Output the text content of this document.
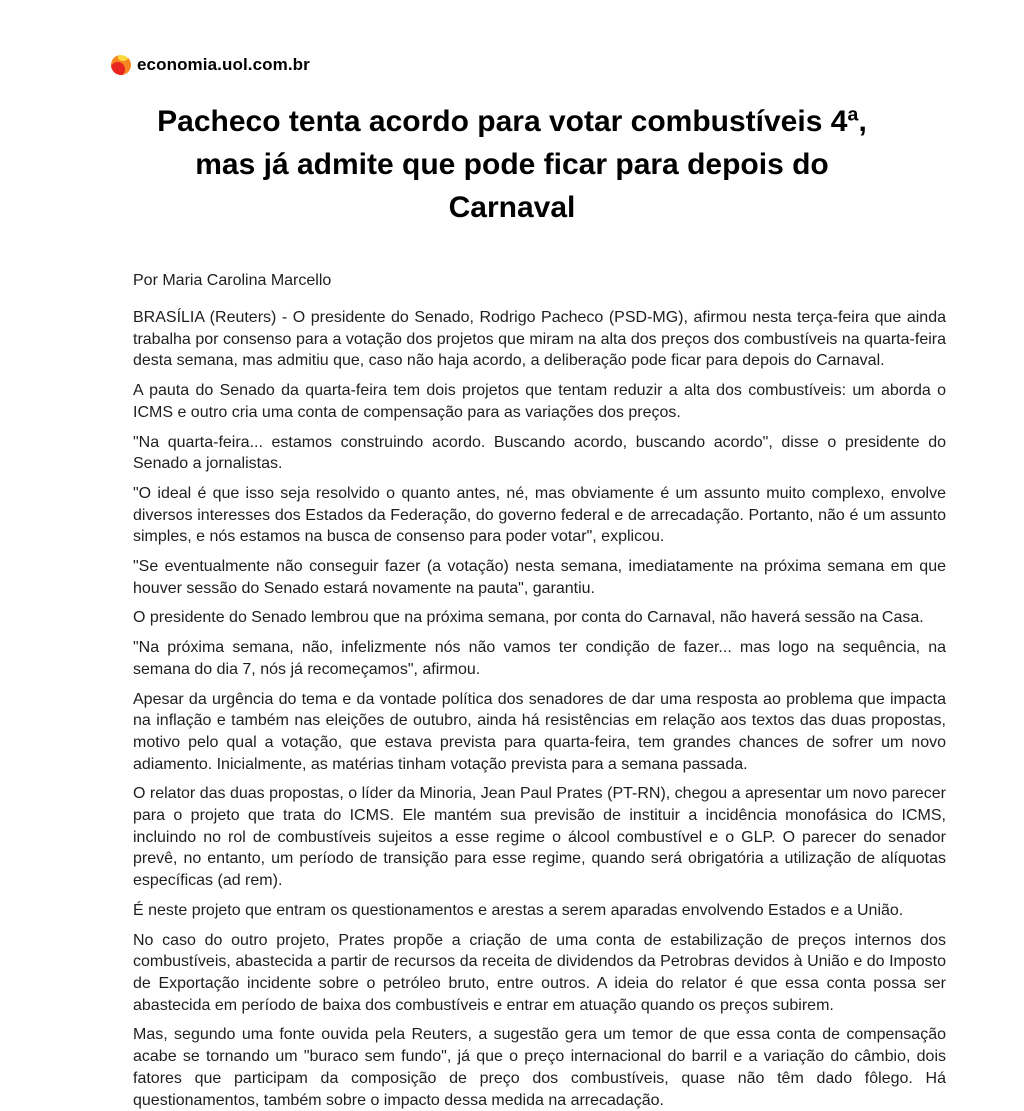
economia.uol.com.br
Pacheco tenta acordo para votar combustíveis 4ª,
mas já admite que pode ficar para depois do
Carnaval

Por Maria Carolina Marcello

BRASÍLIA (Reuters) - O presidente do Senado, Rodrigo Pacheco (PSD-MG), afirmou nesta terça-feira que ainda trabalha por consenso para a votação dos projetos que miram na alta dos preços dos combustíveis na quarta-feira desta semana, mas admitiu que, caso não haja acordo, a deliberação pode ficar para depois do Carnaval.

A pauta do Senado da quarta-feira tem dois projetos que tentam reduzir a alta dos combustíveis: um aborda o ICMS e outro cria uma conta de compensação para as variações dos preços.

"Na quarta-feira... estamos construindo acordo. Buscando acordo, buscando acordo", disse o presidente do Senado a jornalistas.

"O ideal é que isso seja resolvido o quanto antes, né, mas obviamente é um assunto muito complexo, envolve diversos interesses dos Estados da Federação, do governo federal e de arrecadação. Portanto, não é um assunto simples, e nós estamos na busca de consenso para poder votar", explicou.

"Se eventualmente não conseguir fazer (a votação) nesta semana, imediatamente na próxima semana em que houver sessão do Senado estará novamente na pauta", garantiu.

O presidente do Senado lembrou que na próxima semana, por conta do Carnaval, não haverá sessão na Casa.

"Na próxima semana, não, infelizmente nós não vamos ter condição de fazer... mas logo na sequência, na semana do dia 7, nós já recomeçamos", afirmou.

Apesar da urgência do tema e da vontade política dos senadores de dar uma resposta ao problema que impacta na inflação e também nas eleições de outubro, ainda há resistências em relação aos textos das duas propostas, motivo pelo qual a votação, que estava prevista para quarta-feira, tem grandes chances de sofrer um novo adiamento. Inicialmente, as matérias tinham votação prevista para a semana passada.

O relator das duas propostas, o líder da Minoria, Jean Paul Prates (PT-RN), chegou a apresentar um novo parecer para o projeto que trata do ICMS. Ele mantém sua previsão de instituir a incidência monofásica do ICMS, incluindo no rol de combustíveis sujeitos a esse regime o álcool combustível e o GLP. O parecer do senador prevê, no entanto, um período de transição para esse regime, quando será obrigatória a utilização de alíquotas específicas (ad rem).

É neste projeto que entram os questionamentos e arestas a serem aparadas envolvendo Estados e a União.

No caso do outro projeto, Prates propõe a criação de uma conta de estabilização de preços internos dos combustíveis, abastecida a partir de recursos da receita de dividendos da Petrobras devidos à União e do Imposto de Exportação incidente sobre o petróleo bruto, entre outros. A ideia do relator é que essa conta possa ser abastecida em período de baixa dos combustíveis e entrar em atuação quando os preços subirem.

Mas, segundo uma fonte ouvida pela Reuters, a sugestão gera um temor de que essa conta de compensação acabe se tornando um "buraco sem fundo", já que o preço internacional do barril e a variação do câmbio, dois fatores que participam da composição de preço dos combustíveis, quase não têm dado fôlego. Há questionamentos, também sobre o impacto dessa medida na arrecadação.
